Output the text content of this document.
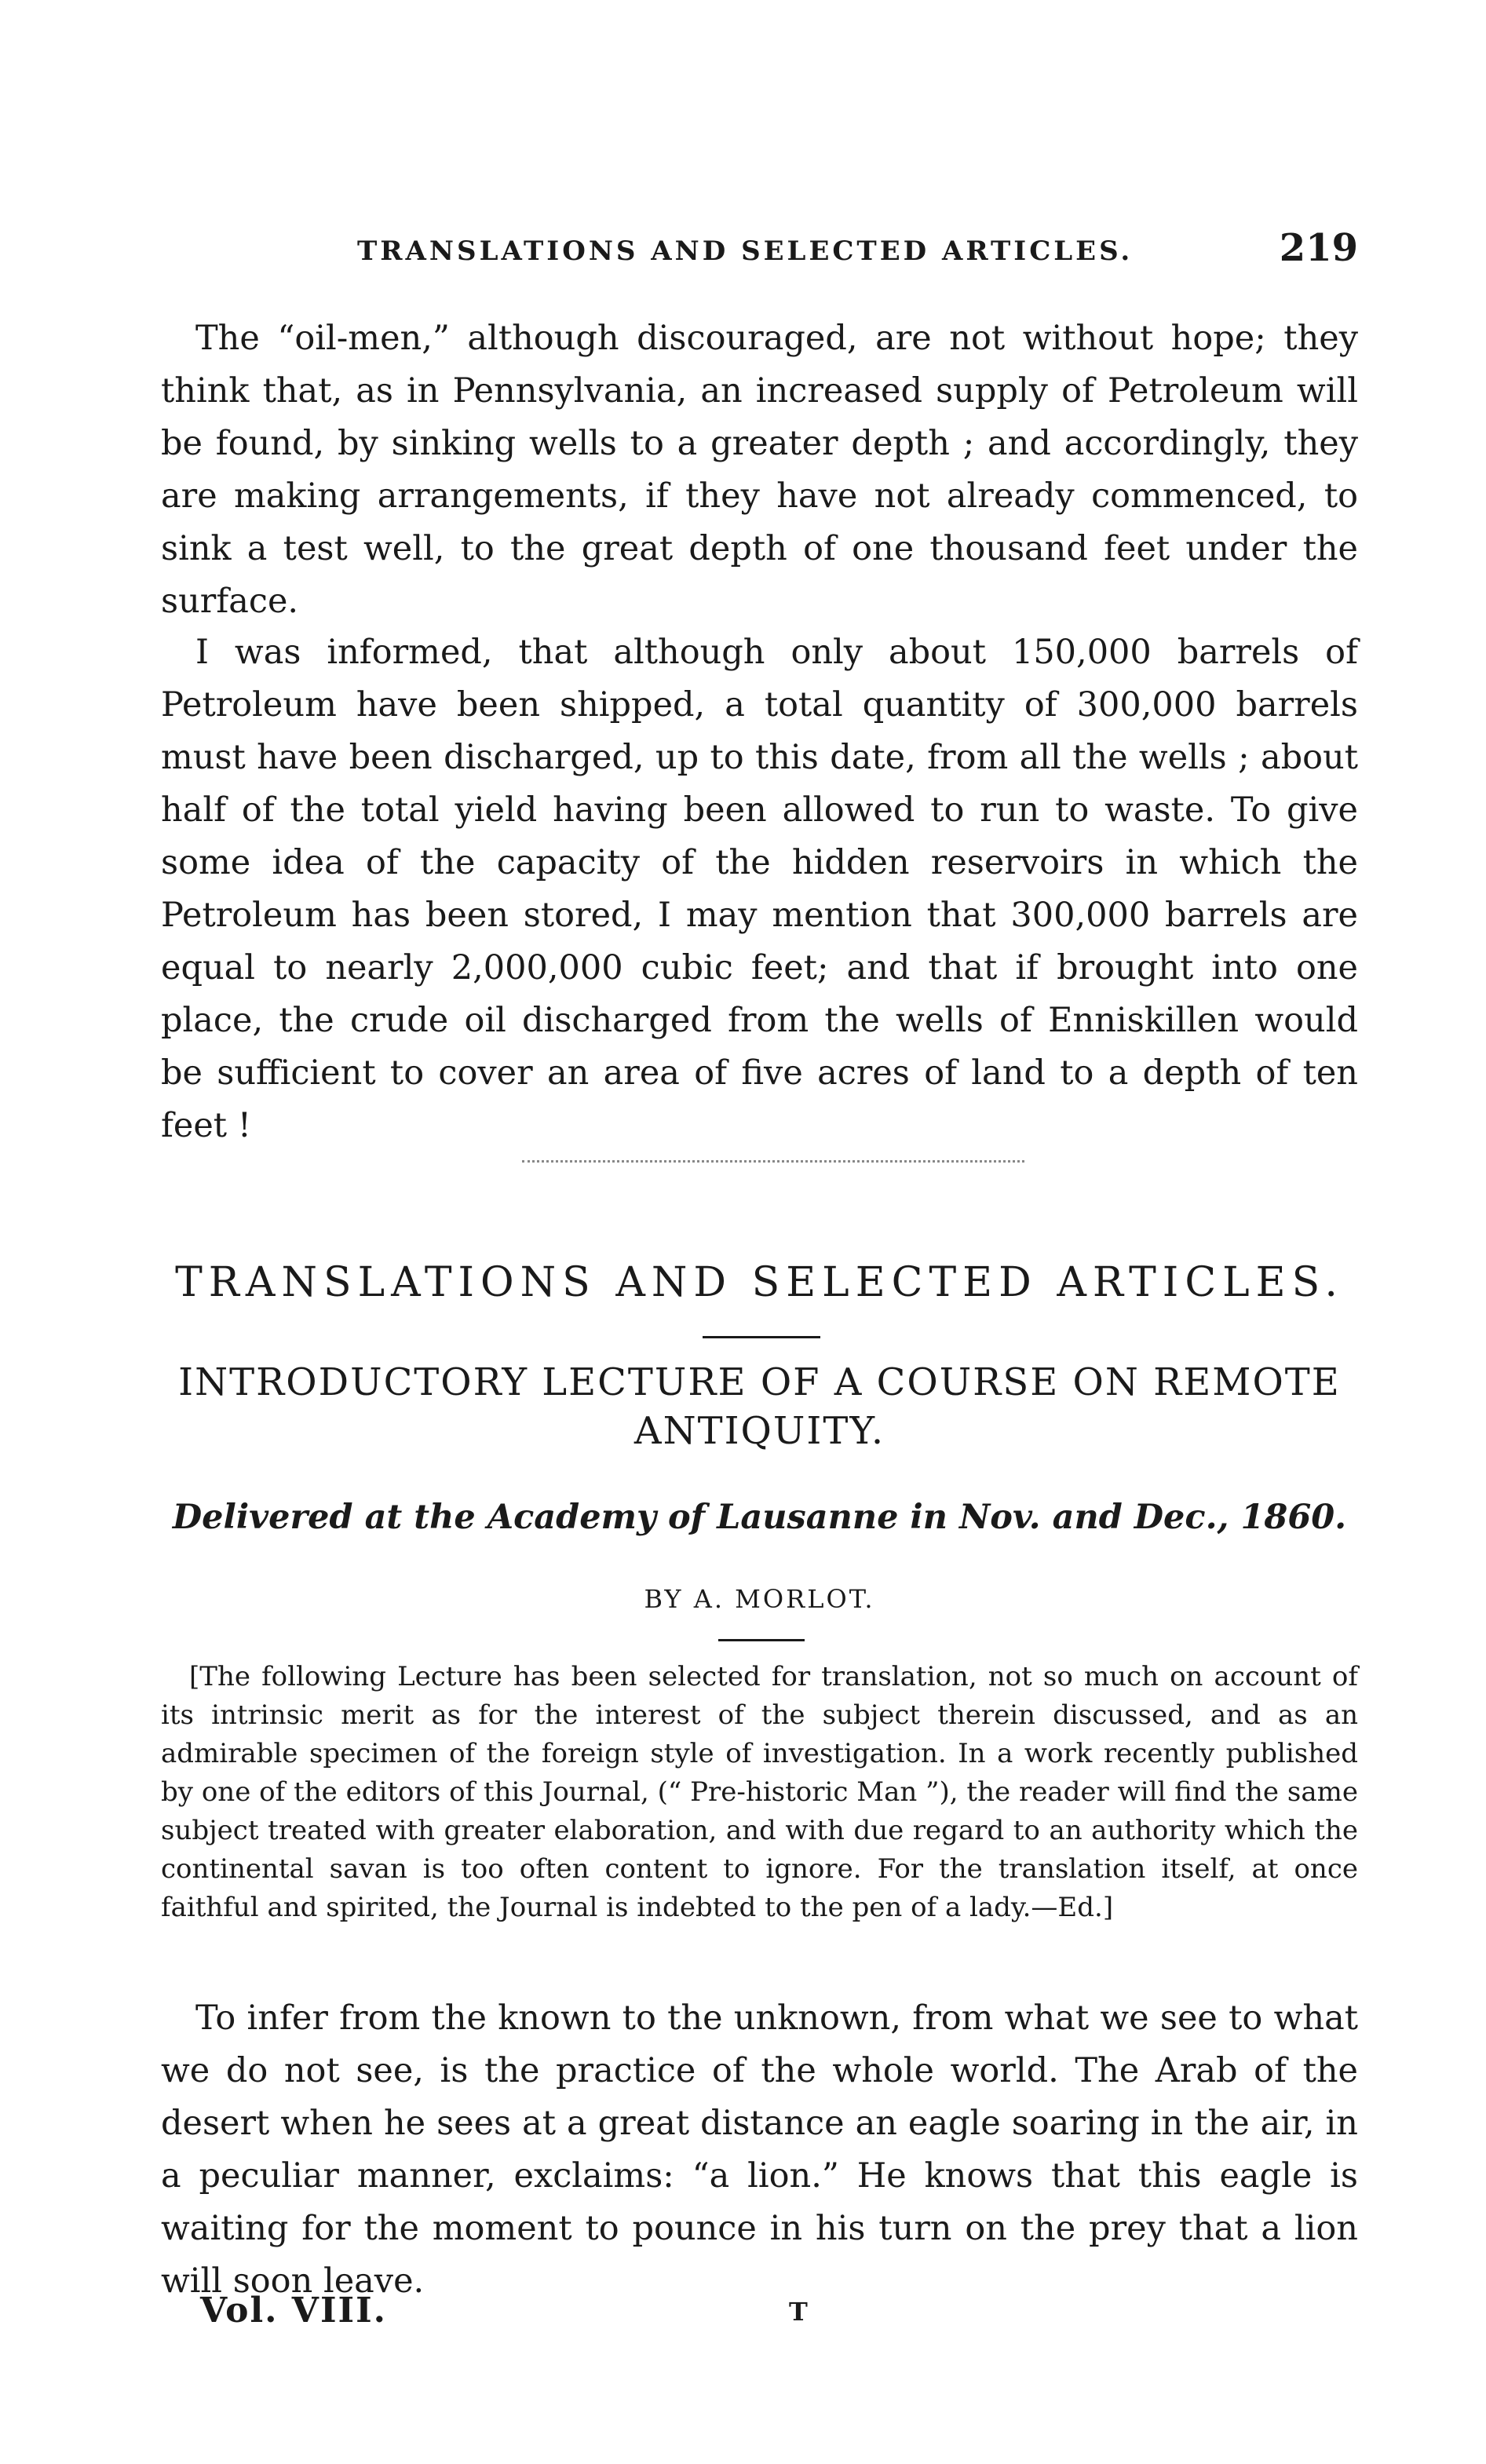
TRANSLATIONS AND SELECTED ARTICLES.	219

The “oil-men,” although discouraged, are not without hope; they think that, as in Pennsylvania, an increased supply of Petroleum will be found, by sinking wells to a greater depth ; and accordingly, they are making arrangements, if they have not already commenced, to sink a test well, to the great depth of one thousand feet under the surface.

I was informed, that although only about 150,000 barrels of Petroleum have been shipped, a total quantity of 300,000 barrels must have been discharged, up to this date, from all the wells ; about half of the total yield having been allowed to run to waste. To give some idea of the capacity of the hidden reservoirs in which the Petroleum has been stored, I may mention that 300,000 barrels are equal to nearly 2,000,000 cubic feet; and that if brought into one place, the crude oil discharged from the wells of Enniskillen would be sufficient to cover an area of five acres of land to a depth of ten feet !

TRANSLATIONS AND SELECTED ARTICLES.
INTRODUCTORY LECTURE OF A COURSE ON REMOTE ANTIQUITY.

Delivered at the Academy of Lausanne in Nov. and Dec., 1860.

BY A. MORLOT.

[The following Lecture has been selected for translation, not so much on account of its intrinsic merit as for the interest of the subject therein discussed, and as an admirable specimen of the foreign style of investigation. In a work recently published by one of the editors of this Journal, (“ Pre-historic Man ”), the reader will find the same subject treated with greater elaboration, and with due regard to an authority which the continental savan is too often content to ignore. For the translation itself, at once faithful and spirited, the Journal is indebted to the pen of a lady.—Ed.]

To infer from the known to the unknown, from what we see to what we do not see, is the practice of the whole world. The Arab of the desert when he sees at a great distance an eagle soaring in the air, in a peculiar manner, exclaims: “a lion.” He knows that this eagle is waiting for the moment to pounce in his turn on the prey that a lion will soon leave.

Vol. VIII.	T
